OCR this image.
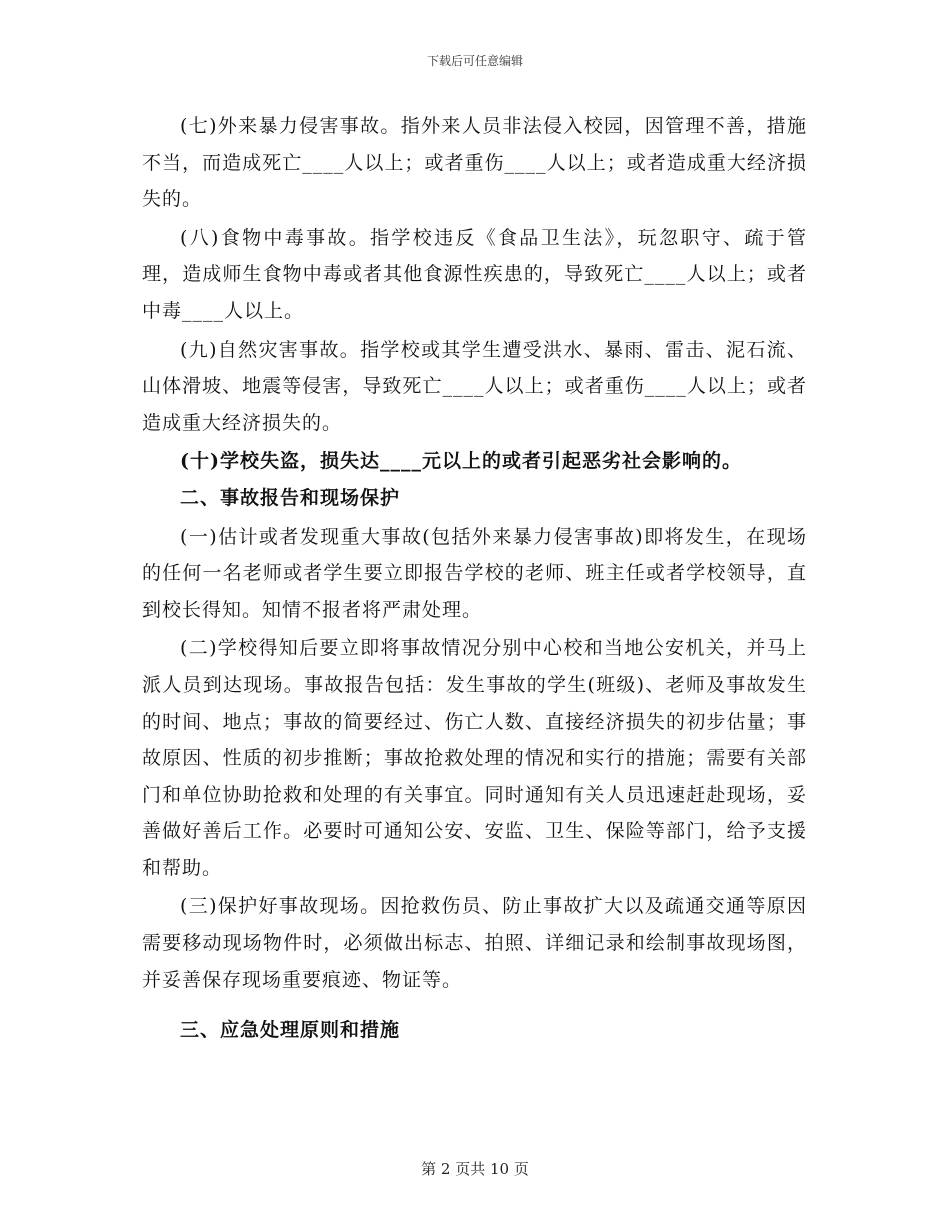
下载后可任意编辑

(七)外来暴力侵害事故。指外来人员非法侵入校园，因管理不善，措施不当，而造成死亡____人以上；或者重伤____人以上；或者造成重大经济损失的。

(八)食物中毒事故。指学校违反《食品卫生法》，玩忽职守、疏于管理，造成师生食物中毒或者其他食源性疾患的，导致死亡____人以上；或者中毒____人以上。

(九)自然灾害事故。指学校或其学生遭受洪水、暴雨、雷击、泥石流、山体滑坡、地震等侵害，导致死亡____人以上；或者重伤____人以上；或者造成重大经济损失的。

(十)学校失盗，损失达____元以上的或者引起恶劣社会影响的。

二、事故报告和现场保护

(一)估计或者发现重大事故(包括外来暴力侵害事故)即将发生，在现场的任何一名老师或者学生要立即报告学校的老师、班主任或者学校领导，直到校长得知。知情不报者将严肃处理。

(二)学校得知后要立即将事故情况分别中心校和当地公安机关，并马上派人员到达现场。事故报告包括：发生事故的学生(班级)、老师及事故发生的时间、地点；事故的简要经过、伤亡人数、直接经济损失的初步估量；事故原因、性质的初步推断；事故抢救处理的情况和实行的措施；需要有关部门和单位协助抢救和处理的有关事宜。同时通知有关人员迅速赶赴现场，妥善做好善后工作。必要时可通知公安、安监、卫生、保险等部门，给予支援和帮助。

(三)保护好事故现场。因抢救伤员、防止事故扩大以及疏通交通等原因需要移动现场物件时，必须做出标志、拍照、详细记录和绘制事故现场图，并妥善保存现场重要痕迹、物证等。

三、应急处理原则和措施

第 2 页共 10 页
